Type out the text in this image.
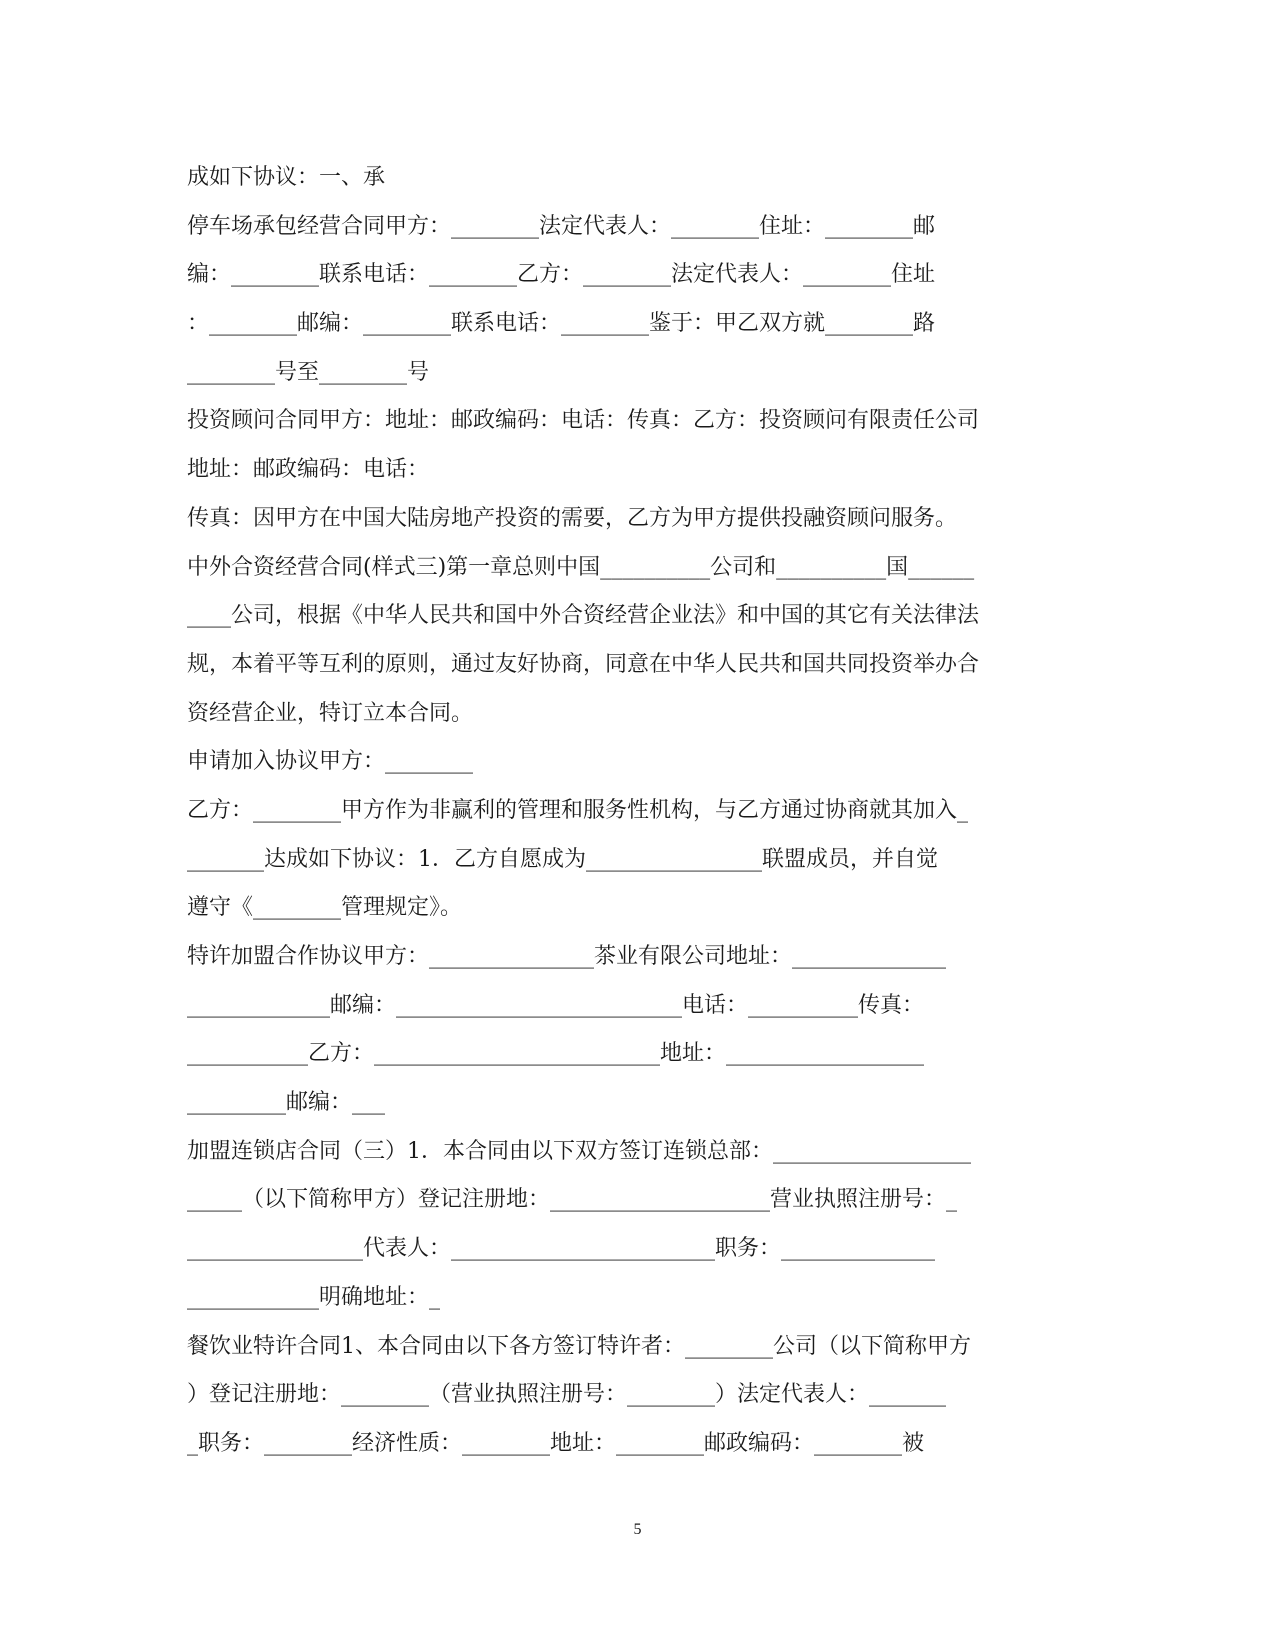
成如下协议：一、承
停车场承包经营合同甲方：________法定代表人：________住址：________邮
编：________联系电话：________乙方：________法定代表人：________住址
：________邮编：________联系电话：________鉴于：甲乙双方就________路
________号至________号
投资顾问合同甲方：地址：邮政编码：电话：传真：乙方：投资顾问有限责任公司
地址：邮政编码：电话：
传真：因甲方在中国大陆房地产投资的需要，乙方为甲方提供投融资顾问服务。
中外合资经营合同(样式三)第一章总则中国__________公司和__________国______
____公司，根据《中华人民共和国中外合资经营企业法》和中国的其它有关法律法
规，本着平等互利的原则，通过友好协商，同意在中华人民共和国共同投资举办合
资经营企业，特订立本合同。
申请加入协议甲方：________
乙方：________甲方作为非赢利的管理和服务性机构，与乙方通过协商就其加入_
_______达成如下协议：1．乙方自愿成为________________联盟成员，并自觉
遵守《________管理规定》。
特许加盟合作协议甲方：_______________茶业有限公司地址：______________
_____________邮编：__________________________电话：__________传真：
___________乙方：__________________________地址：__________________
_________邮编：___
加盟连锁店合同（三）1．本合同由以下双方签订连锁总部：__________________
_____（以下简称甲方）登记注册地：____________________营业执照注册号：_
________________代表人：________________________职务：______________
____________明确地址：_
餐饮业特许合同1、本合同由以下各方签订特许者：________公司（以下简称甲方
）登记注册地：________（营业执照注册号：________）法定代表人：_______
_职务：________经济性质：________地址：________邮政编码：________被
5
